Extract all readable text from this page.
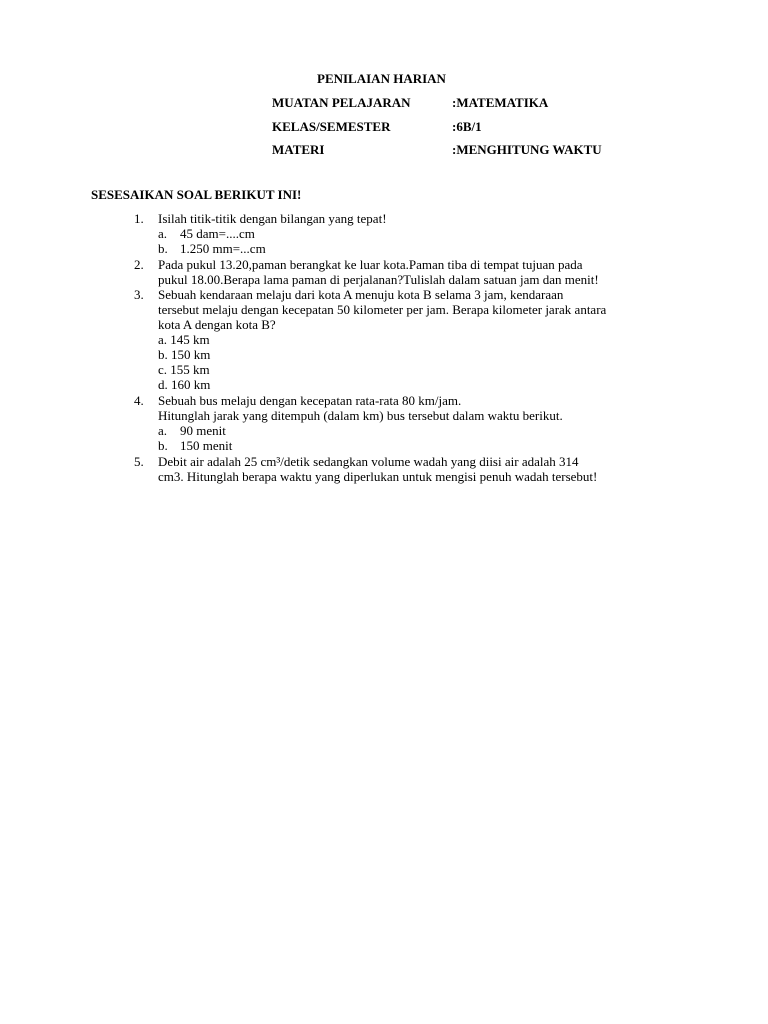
PENILAIAN HARIAN
MUATAN PELAJARAN	:MATEMATIKA
KELAS/SEMESTER	:6B/1
MATERI	:MENGHITUNG WAKTU
SESESAIKAN SOAL BERIKUT INI!
1.	Isilah titik-titik dengan bilangan yang tepat!
a. 45 dam=....cm
b. 1.250 mm=...cm
2.	Pada pukul 13.20,paman berangkat ke luar kota.Paman tiba di tempat tujuan pada
pukul 18.00.Berapa lama paman di perjalanan?Tulislah dalam satuan jam dan menit!
3.	Sebuah kendaraan melaju dari kota A menuju kota B selama 3 jam, kendaraan
tersebut melaju dengan kecepatan 50 kilometer per jam. Berapa kilometer jarak antara
kota A dengan kota B?
a. 145 km
b. 150 km
c. 155 km
d. 160 km
4.	Sebuah bus melaju dengan kecepatan rata-rata 80 km/jam.
Hitunglah jarak yang ditempuh (dalam km) bus tersebut dalam waktu berikut.
a. 90 menit
b. 150 menit
5.	Debit air adalah 25 cm³/detik sedangkan volume wadah yang diisi air adalah 314
cm3. Hitunglah berapa waktu yang diperlukan untuk mengisi penuh wadah tersebut!
